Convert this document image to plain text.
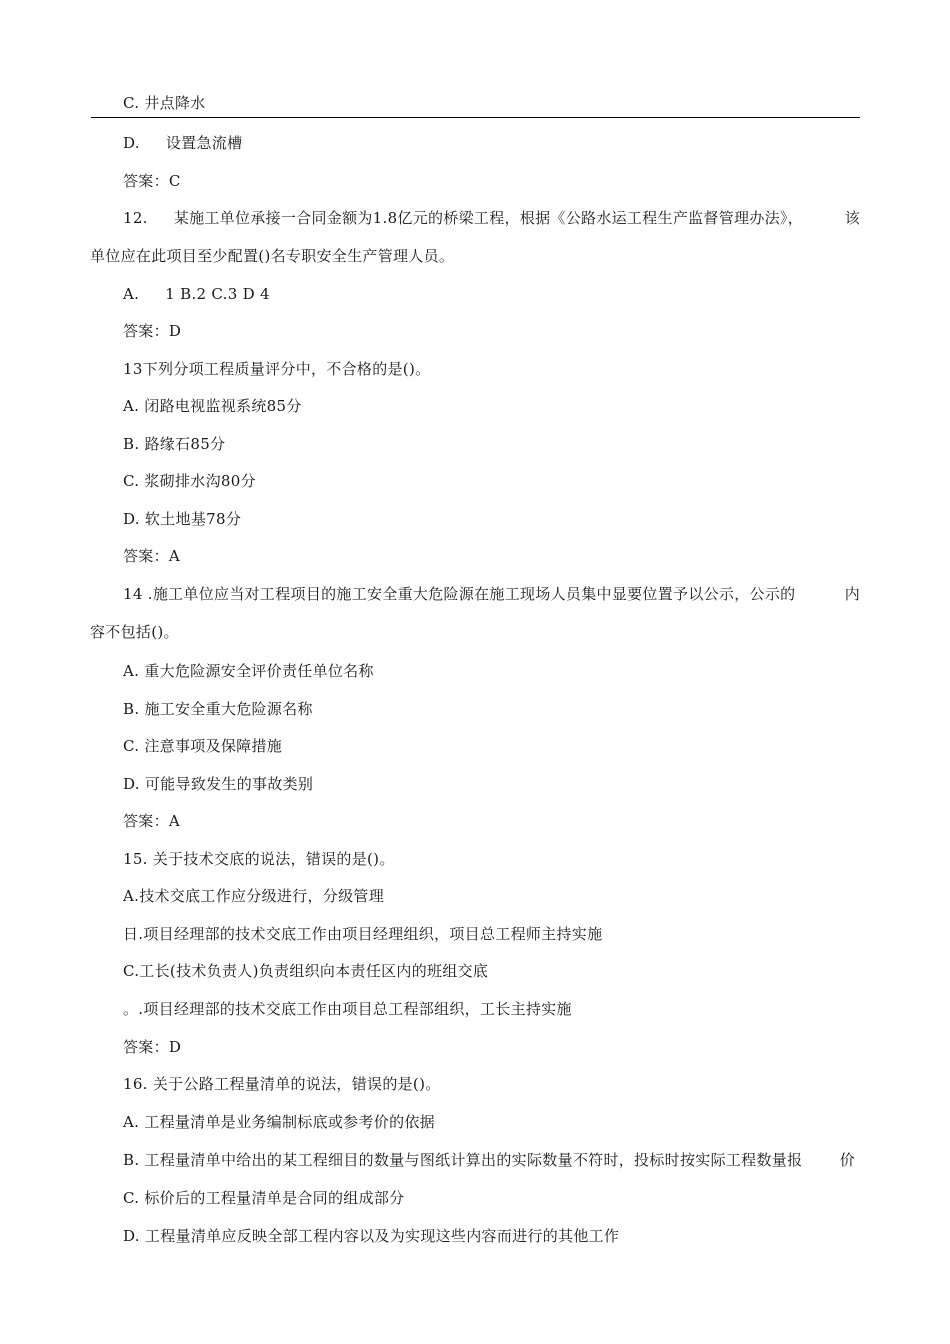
C. 井点降水
D. 设置急流槽
答案：C
12. 某施工单位承接一合同金额为1.8亿元的桥梁工程，根据《公路水运工程生产监督管理办法》，	该
单位应在此项目至少配置()名专职安全生产管理人员。
A. 1 B.2 C.3 D 4
答案：D
13下列分项工程质量评分中，不合格的是()。
A. 闭路电视监视系统85分
B. 路缘石85分
C. 浆砌排水沟80分
D. 软土地基78分
答案：A
14 .施工单位应当对工程项目的施工安全重大危险源在施工现场人员集中显要位置予以公示，公示的	内
容不包括()。
A. 重大危险源安全评价责任单位名称
B. 施工安全重大危险源名称
C. 注意事项及保障措施
D. 可能导致发生的事故类别
答案：A
15. 关于技术交底的说法，错误的是()。
A.技术交底工作应分级进行，分级管理
日.项目经理部的技术交底工作由项目经理组织，项目总工程师主持实施
C.工长(技术负责人)负责组织向本责任区内的班组交底
。.项目经理部的技术交底工作由项目总工程部组织，工长主持实施
答案：D
16. 关于公路工程量清单的说法，错误的是()。
A. 工程量清单是业务编制标底或参考价的依据
B. 工程量清单中给出的某工程细目的数量与图纸计算出的实际数量不符时，投标时按实际工程数量报 价
C. 标价后的工程量清单是合同的组成部分
D. 工程量清单应反映全部工程内容以及为实现这些内容而进行的其他工作
